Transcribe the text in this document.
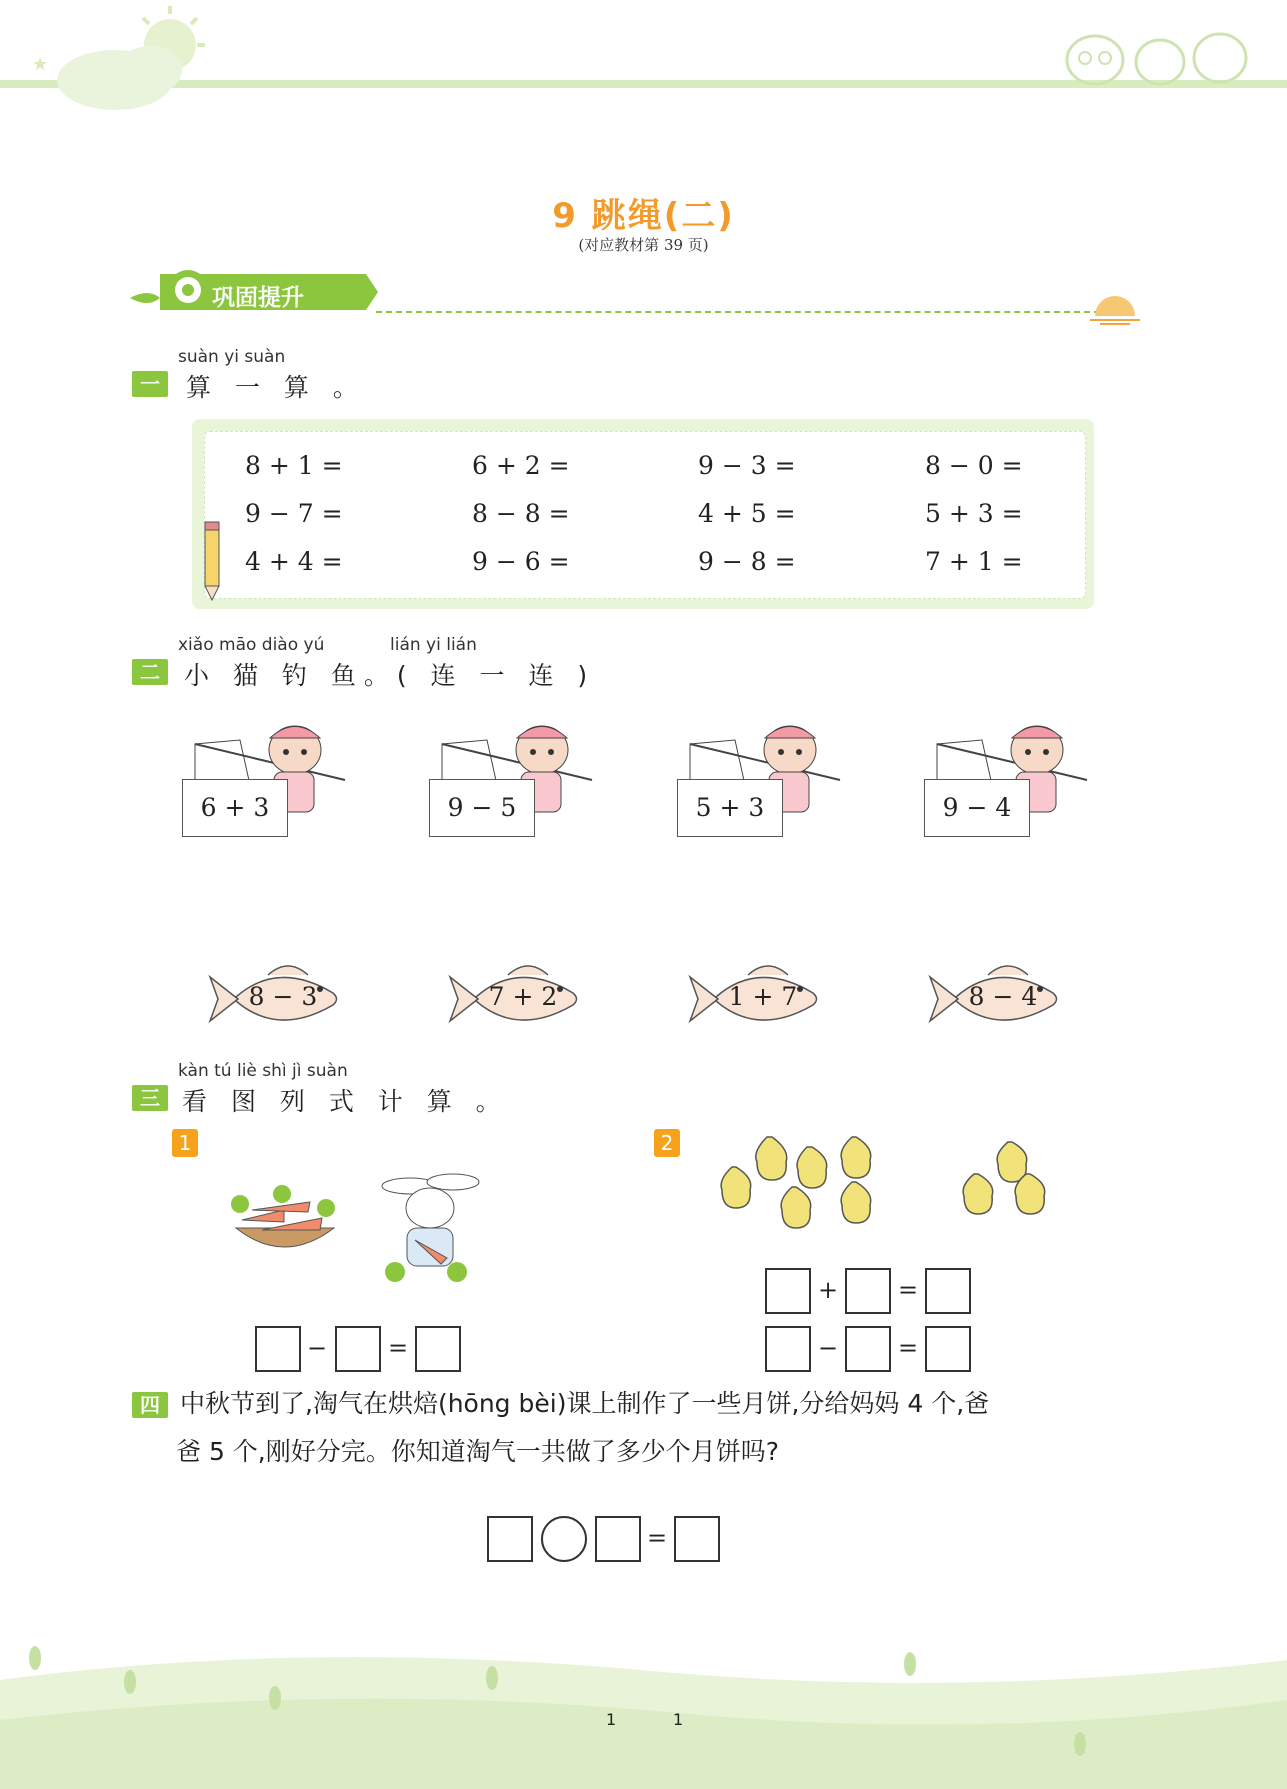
★
9 跳绳(二)
(对应教材第 39 页)
巩固提升
suàn yi suàn
一	算 一 算 。
8 + 1 =	6 + 2 =	9 − 3 =	8 − 0 =
9 − 7 =	8 − 8 =	4 + 5 =	5 + 3 =
4 + 4 =	9 − 6 =	9 − 8 =	7 + 1 =
xiǎo māo diào yú	lián yi lián
二 小 猫 钓 鱼。( 连 一 连 )
6 + 3	9 − 5	5 + 3	9 − 4
8 − 3	7 + 2	1 + 7	8 − 4
kàn tú liè shì jì suàn
三 看 图 列 式 计 算 。
1	2
−	=
+ =
− =
四 中秋节到了,淘气在烘焙(hōng bèi)课上制作了一些月饼,分给妈妈 4 个,爸
爸 5 个,刚好分完。你知道淘气一共做了多少个月饼吗?
=
1	1
